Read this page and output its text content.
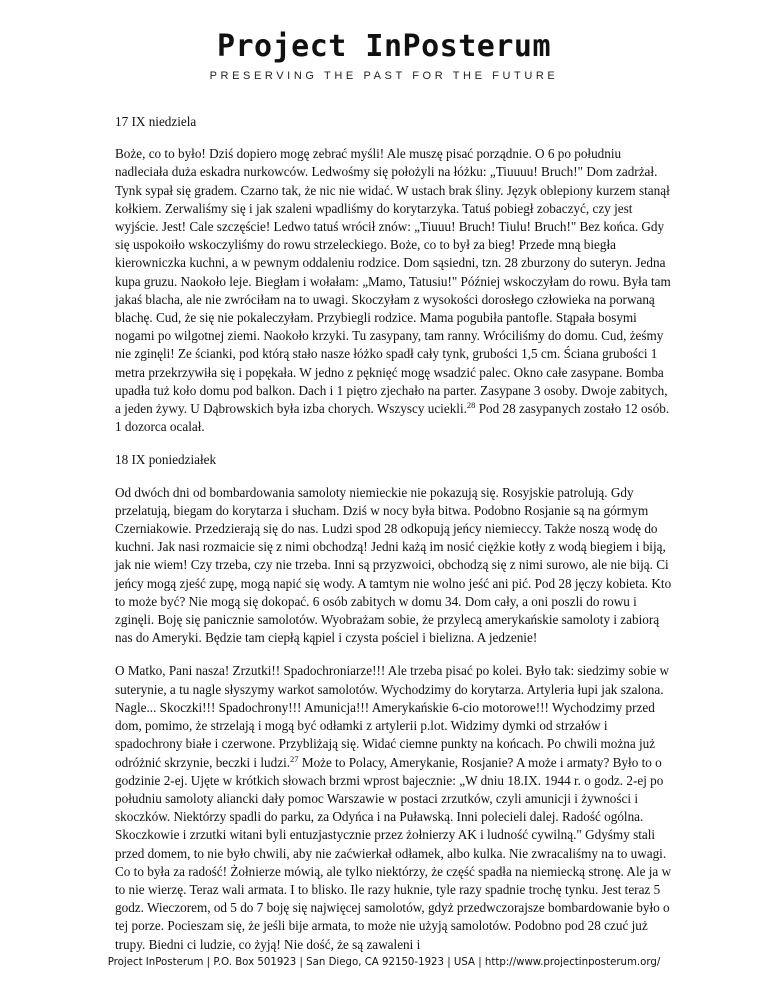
Project InPosterum
PRESERVING THE PAST FOR THE FUTURE

17 IX niedziela

Boże, co to było! Dziś dopiero mogę zebrać myśli! Ale muszę pisać porządnie. O 6 po południu nadleciała duża eskadra nurkowców. Ledwośmy się położyli na łóżku: „Tiuuuu! Bruch!" Dom zadrżał. Tynk sypał się gradem. Czarno tak, że nic nie widać. W ustach brak śliny. Język oblepiony kurzem stanął kołkiem. Zerwaliśmy się i jak szaleni wpadliśmy do korytarzyka. Tatuś pobiegł zobaczyć, czy jest wyjście. Jest! Cale szczęście! Ledwo tatuś wrócił znów: „Tiuuu! Bruch! Tiulu! Bruch!" Bez końca. Gdy się uspokoiło wskoczyliśmy do rowu strzeleckiego. Boże, co to był za bieg! Przede mną biegła kierowniczka kuchni, a w pewnym oddaleniu rodzice. Dom sąsiedni, tzn. 28 zburzony do suteryn. Jedna kupa gruzu. Naokoło leje. Biegłam i wołałam: „Mamo, Tatusiu!" Później wskoczyłam do rowu. Była tam jakaś blacha, ale nie zwróciłam na to uwagi. Skoczyłam z wysokości dorosłego człowieka na porwaną blachę. Cud, że się nie pokaleczyłam. Przybiegli rodzice. Mama pogubiła pantofle. Stąpała bosymi nogami po wilgotnej ziemi. Naokoło krzyki. Tu zasypany, tam ranny. Wróciliśmy do domu. Cud, żeśmy nie zginęli! Ze ścianki, pod którą stało nasze łóżko spadł cały tynk, grubości 1,5 cm. Ściana grubości 1 metra przekrzywiła się i popękała. W jedno z pęknięć mogę wsadzić palec. Okno całe zasypane. Bomba upadła tuż koło domu pod balkon. Dach i 1 piętro zjechało na parter. Zasypane 3 osoby. Dwoje zabitych, a jeden żywy. U Dąbrowskich była izba chorych. Wszyscy uciekli.$^{28}$ Pod 28 zasypanych zostało 12 osób. 1 dozorca ocalał.

18 IX poniedziałek

Od dwóch dni od bombardowania samoloty niemieckie nie pokazują się. Rosyjskie patrolują. Gdy przelatują, biegam do korytarza i słucham. Dziś w nocy była bitwa. Podobno Rosjanie są na górmym Czerniakowie. Przedzierają się do nas. Ludzi spod 28 odkopują jeńcy niemieccy. Także noszą wodę do kuchni. Jak nasi rozmaicie się z nimi obchodzą! Jedni każą im nosić ciężkie kotły z wodą biegiem i biją, jak nie wiem! Czy trzeba, czy nie trzeba. Inni są przyzwoici, obchodzą się z nimi surowo, ale nie biją. Ci jeńcy mogą zjeść zupę, mogą napić się wody. A tamtym nie wolno jeść ani pić. Pod 28 jęczy kobieta. Kto to może być? Nie mogą się dokopać. 6 osób zabitych w domu 34. Dom cały, a oni poszli do rowu i zginęli. Boję się panicznie samolotów. Wyobrażam sobie, że przylecą amerykańskie samoloty i zabiorą nas do Ameryki. Będzie tam ciepłą kąpiel i czysta pościel i bielizna. A jedzenie!

O Matko, Pani nasza! Zrzutki!! Spadochroniarze!!! Ale trzeba pisać po kolei. Było tak: siedzimy sobie w suterynie, a tu nagle słyszymy warkot samolotów. Wychodzimy do korytarza. Artyleria łupi jak szalona. Nagle... Skoczki!!! Spadochrony!!! Amunicja!!! Amerykańskie 6-cio motorowe!!! Wychodzimy przed dom, pomimo, że strzelają i mogą być odłamki z artylerii p.lot. Widzimy dymki od strzałów i spadochrony białe i czerwone. Przybliżają się. Widać ciemne punkty na końcach. Po chwili można już odróżnić skrzynie, beczki i ludzi.$^{27}$ Może to Polacy, Amerykanie, Rosjanie? A może i armaty? Było to o godzinie 2-ej. Ujęte w krótkich słowach brzmi wprost bajecznie: „W dniu 18.IX. 1944 r. o godz. 2-ej po południu samoloty aliancki dały pomoc Warszawie w postaci zrzutków, czyli amunicji i żywności i skoczków. Niektórzy spadli do parku, za Odyńca i na Puławską. Inni polecieli dalej. Radość ogólna. Skoczkowie i zrzutki witani byli entuzjastycznie przez żołnierzy AK i ludność cywilną." Gdyśmy stali przed domem, to nie było chwili, aby nie zaćwierkał odłamek, albo kulka. Nie zwracaliśmy na to uwagi. Co to była za radość! Żołnierze mówią, ale tylko niektórzy, że część spadła na niemiecką stronę. Ale ja w to nie wierzę. Teraz wali armata. I to blisko. Ile razy huknie, tyle razy spadnie trochę tynku. Jest teraz 5 godz. Wieczorem, od 5 do 7 boję się najwięcej samolotów, gdyż przedwczorajsze bombardowanie było o tej porze. Pocieszam się, że jeśli bije armata, to może nie użyją samolotów. Podobno pod 28 czuć już trupy. Biedni ci ludzie, co żyją! Nie dość, że są zawaleni i

Project InPosterum | P.O. Box 501923 | San Diego, CA 92150-1923 | USA | http://www.projectinposterum.org/
